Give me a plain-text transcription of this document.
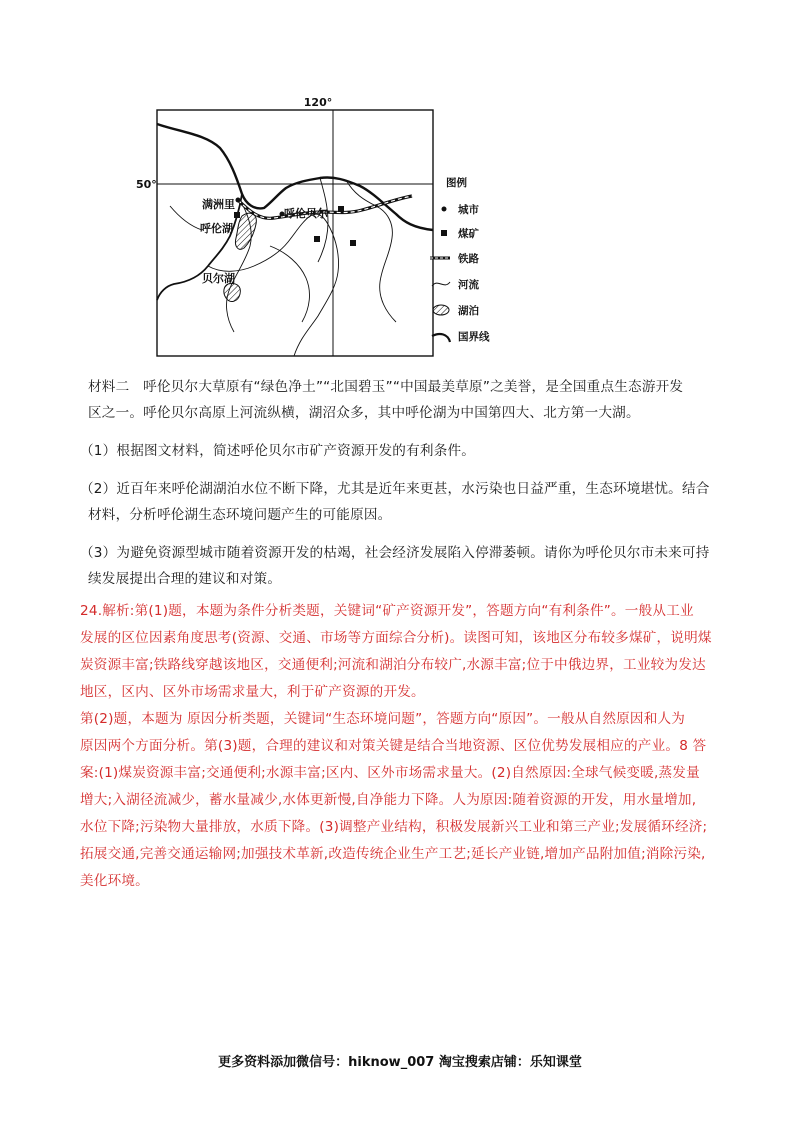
120°
50°
满洲里
呼伦贝尔
呼伦湖
贝尔湖
图例
城市
煤矿
铁路
河流
湖泊
国界线

材料二　呼伦贝尔大草原有“绿色净土”“北国碧玉”“中国最美草原”之美誉，是全国重点生态游开发

区之一。呼伦贝尔高原上河流纵横，湖沼众多，其中呼伦湖为中国第四大、北方第一大湖。

（1）根据图文材料，简述呼伦贝尔市矿产资源开发的有利条件。

（2）近百年来呼伦湖湖泊水位不断下降，尤其是近年来更甚，水污染也日益严重，生态环境堪忧。结合

材料，分析呼伦湖生态环境问题产生的可能原因。

（3）为避免资源型城市随着资源开发的枯竭，社会经济发展陷入停滞萎顿。请你为呼伦贝尔市未来可持

续发展提出合理的建议和对策。

24.解析:第(1)题，本题为条件分析类题，关键词“矿产资源开发”，答题方向“有利条件”。一般从工业

发展的区位因素角度思考(资源、交通、市场等方面综合分析)。读图可知，该地区分布较多煤矿，说明煤

炭资源丰富;铁路线穿越该地区，交通便利;河流和湖泊分布较广,水源丰富;位于中俄边界，工业较为发达

地区，区内、区外市场需求量大，利于矿产资源的开发。

第(2)题，本题为 原因分析类题，关键词“生态环境问题”，答题方向“原因”。一般从自然原因和人为

原因两个方面分析。第(3)题，合理的建议和对策关键是结合当地资源、区位优势发展相应的产业。8 答

案:(1)煤炭资源丰富;交通便利;水源丰富;区内、区外市场需求量大。(2)自然原因:全球气候变暖,蒸发量

增大;入湖径流减少，蓄水量减少,水体更新慢,自净能力下降。人为原因:随着资源的开发，用水量增加,

水位下降;污染物大量排放，水质下降。(3)调整产业结构，积极发展新兴工业和第三产业;发展循环经济;

拓展交通,完善交通运输网;加强技术革新,改造传统企业生产工艺;延长产业链,增加产品附加值;消除污染,

美化环境。

更多资料添加微信号：hiknow_007 淘宝搜索店铺：乐知课堂
